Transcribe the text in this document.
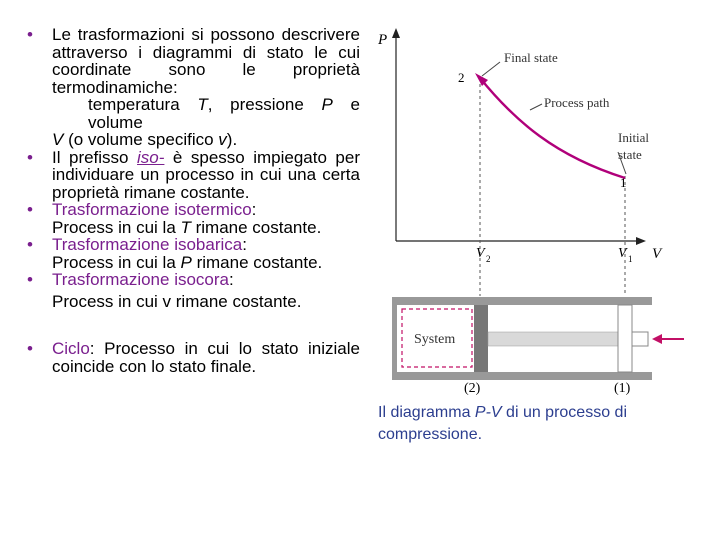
• Le trasformazioni si possono descrivere attraverso i diagrammi di stato le cui coordinate sono le proprietà termodinamiche:
temperatura T, pressione P e volumeV (o volume specifico v).

• Il prefisso iso- è spesso impiegato per individuare un processo in cui una certa proprietà rimane costante.

• Trasformazione isotermico:
Process in cui la T rimane costante.

• Trasformazione isobarica:
Process in cui la P rimane costante.

• Trasformazione isocora:
Process in cui v rimane costante.

• Ciclo: Processo in cui lo stato iniziale coincide con lo stato finale.

P
V
2
1
Final state
Process path
Initial
state
V 2	V 1
System
(2)	(1)
Il diagramma P-V di un processo di compressione.
